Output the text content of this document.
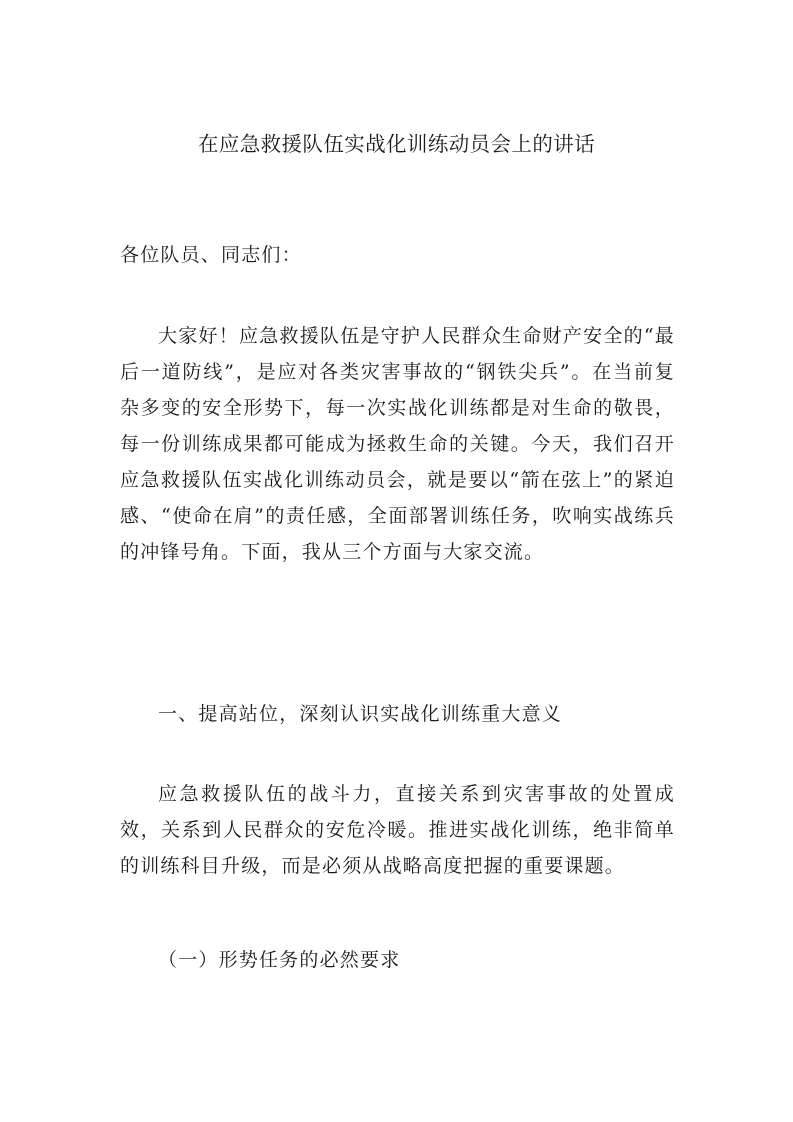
在应急救援队伍实战化训练动员会上的讲话

各位队员、同志们：

大家好！应急救援队伍是守护人民群众生命财产安全的“最后一道防线”，是应对各类灾害事故的“钢铁尖兵”。在当前复杂多变的安全形势下，每一次实战化训练都是对生命的敬畏，每一份训练成果都可能成为拯救生命的关键。今天，我们召开应急救援队伍实战化训练动员会，就是要以“箭在弦上”的紧迫感、“使命在肩”的责任感，全面部署训练任务，吹响实战练兵的冲锋号角。下面，我从三个方面与大家交流。

一、提高站位，深刻认识实战化训练重大意义

应急救援队伍的战斗力，直接关系到灾害事故的处置成效，关系到人民群众的安危冷暖。推进实战化训练，绝非简单的训练科目升级，而是必须从战略高度把握的重要课题。

（一）形势任务的必然要求
